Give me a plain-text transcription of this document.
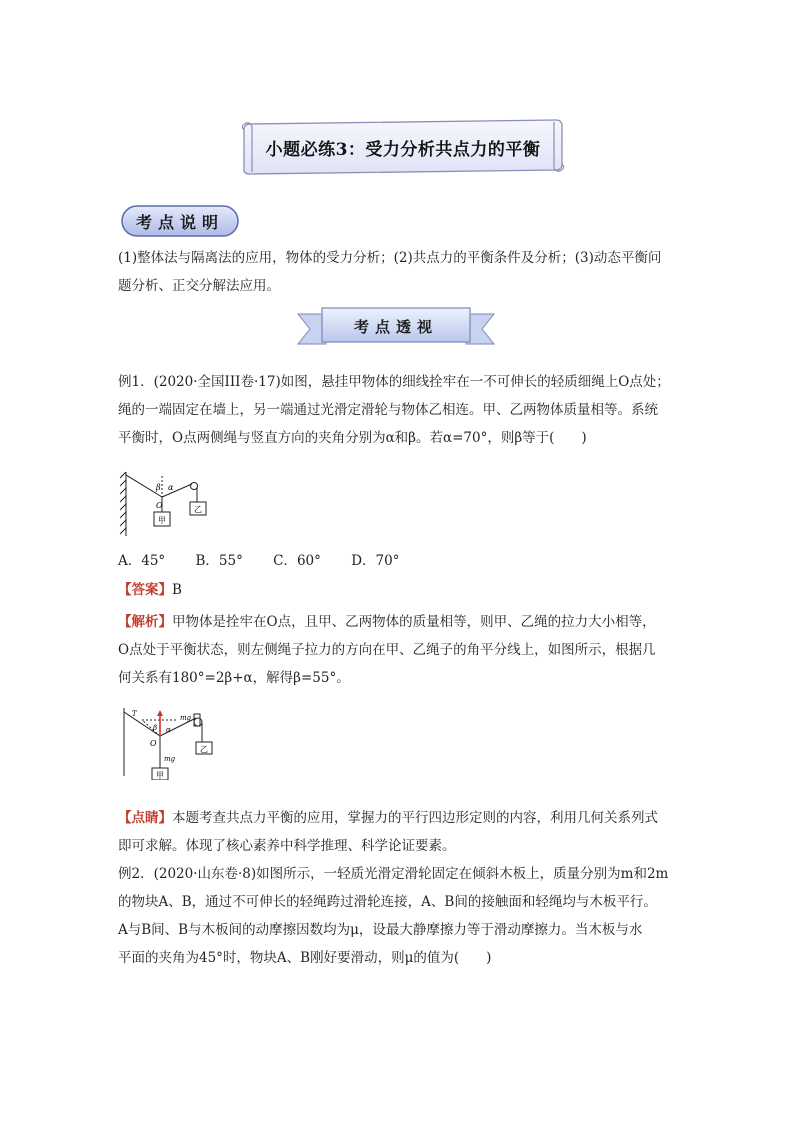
小题必练3：受力分析共点力的平衡
考点说明
(1)整体法与隔离法的应用，物体的受力分析；(2)共点力的平衡条件及分析；(3)动态平衡问
题分析、正交分解法应用。
考点透视
例1．(2020·全国III卷·17)如图，悬挂甲物体的细线拴牢在一不可伸长的轻质细绳上O点处；
绳的一端固定在墙上，另一端通过光滑定滑轮与物体乙相连。甲、乙两物体质量相等。系统
平衡时，O点两侧绳与竖直方向的夹角分别为α和β。若α=70°，则β等于(　　)
β α
O
甲
乙
A．45° B．55° C．60° D．70°
【答案】B
【解析】甲物体是拴牢在O点，且甲、乙两物体的质量相等，则甲、乙绳的拉力大小相等，
O点处于平衡状态，则左侧绳子拉力的方向在甲、乙绳子的角平分线上，如图所示，根据几
何关系有180°=2β+α，解得β=55°。
T	mg
β α
O
mg
甲
乙
【点睛】本题考查共点力平衡的应用，掌握力的平行四边形定则的内容，利用几何关系列式
即可求解。体现了核心素养中科学推理、科学论证要素。
例2．(2020·山东卷·8)如图所示，一轻质光滑定滑轮固定在倾斜木板上，质量分别为m和2m
的物块A、B，通过不可伸长的轻绳跨过滑轮连接，A、B间的接触面和轻绳均与木板平行。
A与B间、B与木板间的动摩擦因数均为μ，设最大静摩擦力等于滑动摩擦力。当木板与水
平面的夹角为45°时，物块A、B刚好要滑动，则μ的值为(　　)
